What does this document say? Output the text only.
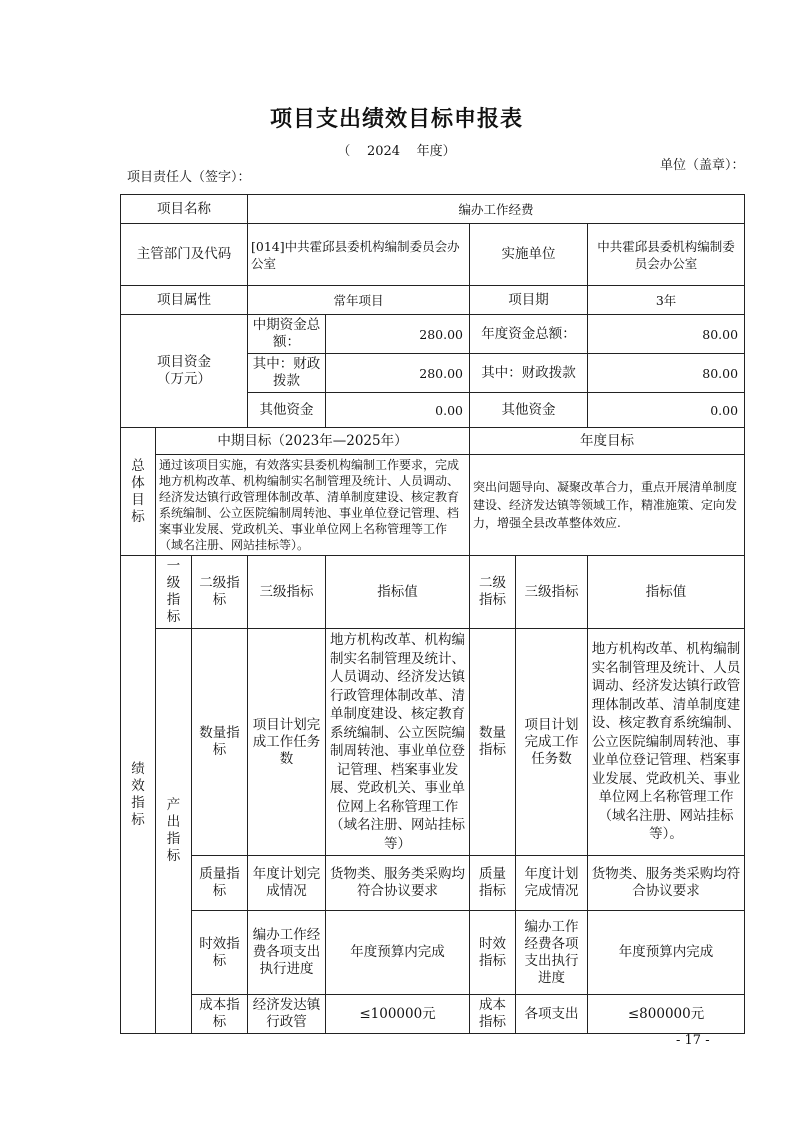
项目支出绩效目标申报表
（ 2024 年度）
项目责任人（签字）：
单位（盖章）：
项目名称			编办工作经费				
主管部门及代码			[014]中共霍邱县委机构编制委员会办公室		实施单位		中共霍邱县委机构编制委员会办公室
项目属性			常年项目		项目期		3年
项目资金（万元）			中期资金总额：	280.00	年度资金总额：		80.00
			其中：财政拨款	280.00	其中：财政拨款		80.00
			其他资金	0.00	其他资金		0.00
总体目标	中期目标（2023年—2025年）				年度目标		
	通过该项目实施，有效落实县委机构编制工作要求，完成地方机构改革、机构编制实名制管理及统计、人员调动、经济发达镇行政管理体制改革、清单制度建设、核定教育系统编制、公立医院编制周转池、事业单位登记管理、档案事业发展、党政机关、事业单位网上名称管理等工作（域名注册、网站挂标等）。				突出问题导向、凝聚改革合力，重点开展清单制度建设、经济发达镇等领域工作，精准施策、定向发力，增强全县改革整体效应.		
绩效指标	一级指标	二级指标	三级指标	指标值	二级指标	三级指标	指标值
	产出指标	数量指标	项目计划完成工作任务数	地方机构改革、机构编制实名制管理及统计、人员调动、经济发达镇行政管理体制改革、清单制度建设、核定教育系统编制、公立医院编制周转池、事业单位登记管理、档案事业发展、党政机关、事业单位网上名称管理工作（域名注册、网站挂标等）	数量指标	项目计划完成工作任务数	地方机构改革、机构编制实名制管理及统计、人员调动、经济发达镇行政管理体制改革、清单制度建设、核定教育系统编制、公立医院编制周转池、事业单位登记管理、档案事业发展、党政机关、事业单位网上名称管理工作（域名注册、网站挂标等）。
		质量指标	年度计划完成情况	货物类、服务类采购均符合协议要求	质量指标	年度计划完成情况	货物类、服务类采购均符合协议要求
		时效指标	编办工作经费各项支出执行进度	年度预算内完成	时效指标	编办工作经费各项支出执行进度	年度预算内完成
		成本指标	经济发达镇行政管	≤100000元	成本指标	各项支出	≤800000元
- 17 -
